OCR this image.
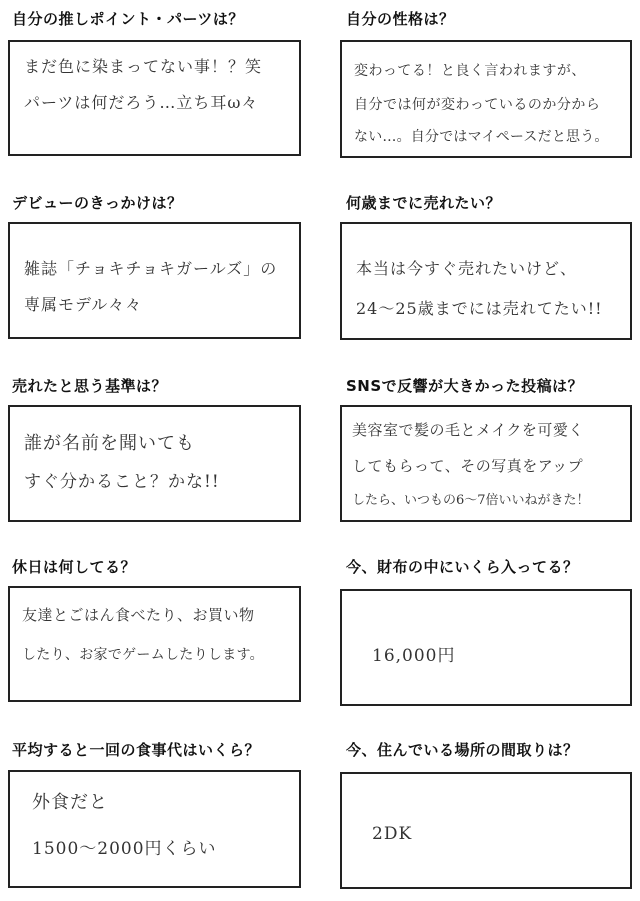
自分の推しポイント・パーツは？
まだ色に染まってない事！？笑
パーツは何だろう…立ち耳ω々
自分の性格は？
変わってる！と良く言われますが、
自分では何が変わっているのか分から
ない…。自分ではマイペースだと思う。
デビューのきっかけは？
雑誌「チョキチョキガールズ」の
専属モデル々々
何歳までに売れたい？
本当は今すぐ売れたいけど、
24～25歳までには売れてたい!!
売れたと思う基準は？
誰が名前を聞いても
すぐ分かること？かな!!
SNSで反響が大きかった投稿は？
美容室で髪の毛とメイクを可愛く
してもらって、その写真をアップ
したら、いつもの6～7倍いいねがきた！
休日は何してる？
友達とごはん食べたり、お買い物
したり、お家でゲームしたりします。
今、財布の中にいくら入ってる？
16,000円
平均すると一回の食事代はいくら？
外食だと
1500～2000円くらい
今、住んでいる場所の間取りは？
2DK
